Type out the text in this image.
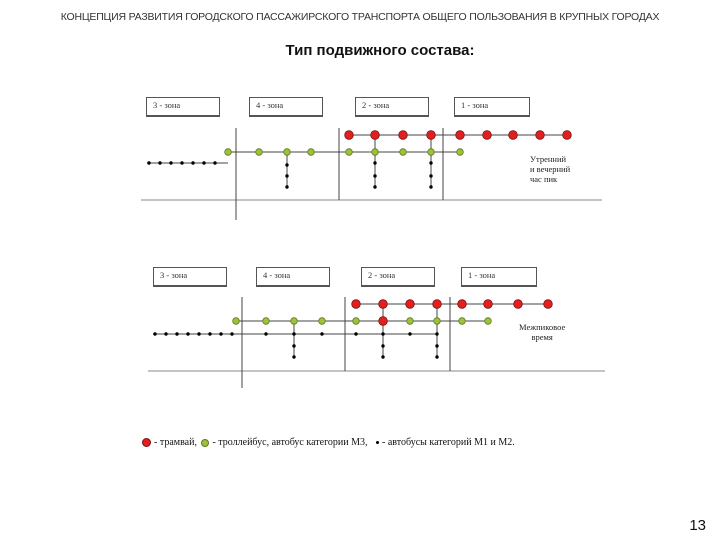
КОНЦЕПЦИЯ РАЗВИТИЯ ГОРОДСКОГО ПАССАЖИРСКОГО ТРАНСПОРТА ОБЩЕГО ПОЛЬЗОВАНИЯ В КРУПНЫХ ГОРОДАХ
Тип подвижного состава:
3 - зона	4 - зона	2 - зона	1 - зона
3 - зона	4 - зона	2 - зона	1 - зона
Утренний
и вечерний
час пик
Межпиковое
время
- трамвай, - троллейбус, автобус категории М3, - автобусы категорий М1 и М2.
13
